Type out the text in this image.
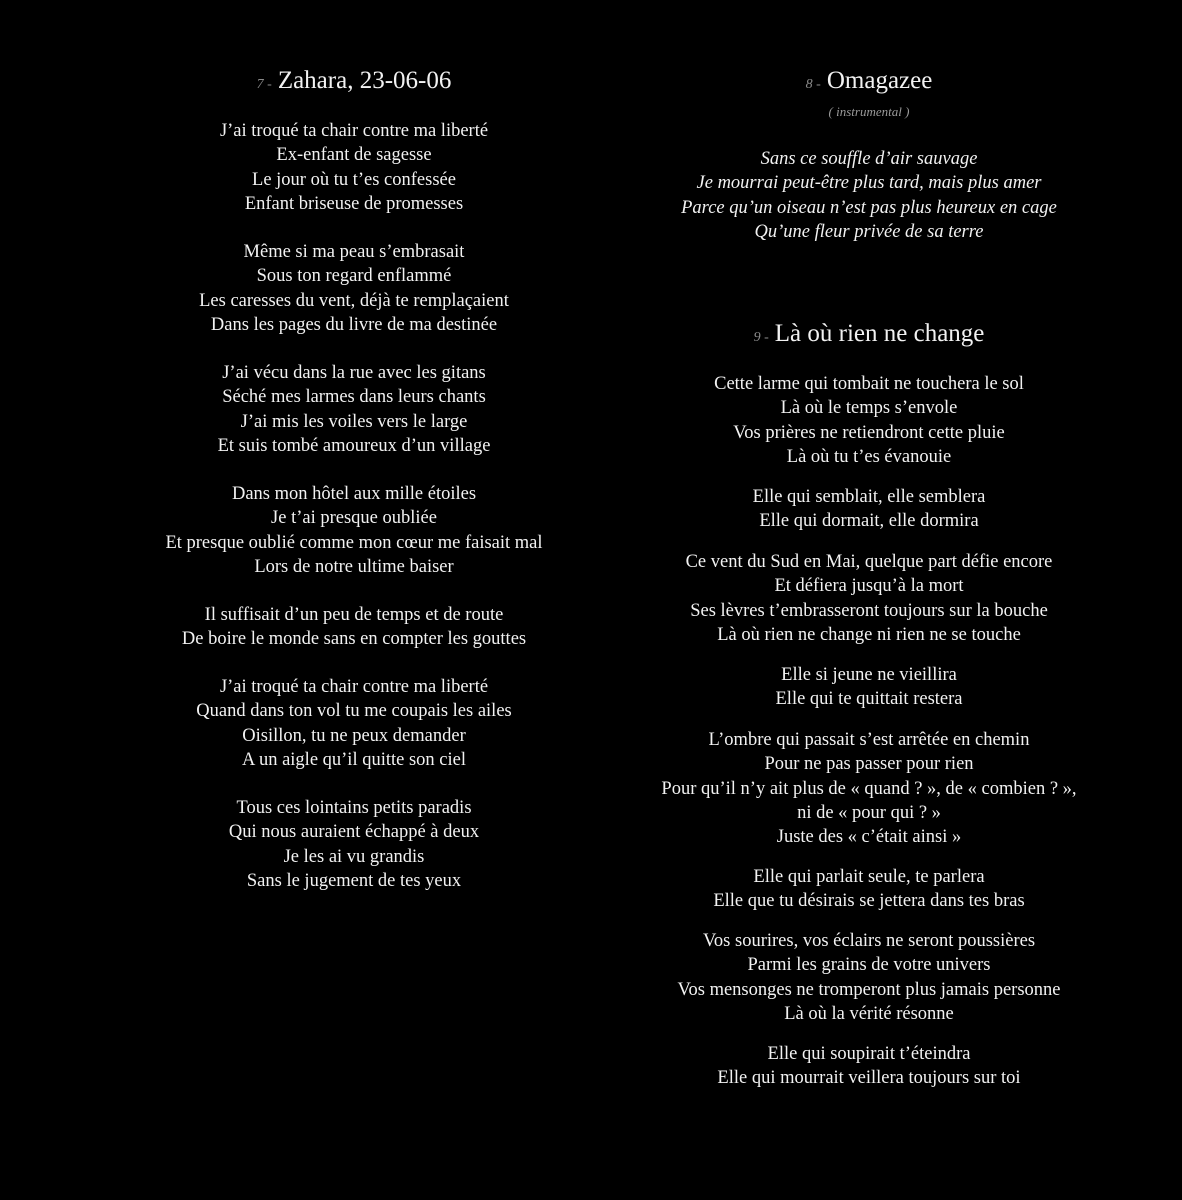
7 - Zahara, 23-06-06
J’ai troqué ta chair contre ma liberté
Ex-enfant de sagesse
Le jour où tu t’es confessée
Enfant briseuse de promesses
Même si ma peau s’embrasait
Sous ton regard enflammé
Les caresses du vent, déjà te remplaçaient
Dans les pages du livre de ma destinée
J’ai vécu dans la rue avec les gitans
Séché mes larmes dans leurs chants
J’ai mis les voiles vers le large
Et suis tombé amoureux d’un village
Dans mon hôtel aux mille étoiles
Je t’ai presque oubliée
Et presque oublié comme mon cœur me faisait mal
Lors de notre ultime baiser
Il suffisait d’un peu de temps et de route
De boire le monde sans en compter les gouttes
J’ai troqué ta chair contre ma liberté
Quand dans ton vol tu me coupais les ailes
Oisillon, tu ne peux demander
A un aigle qu’il quitte son ciel
Tous ces lointains petits paradis
Qui nous auraient échappé à deux
Je les ai vu grandis
Sans le jugement de tes yeux
8 - Omagazee
( instrumental )
Sans ce souffle d’air sauvage
Je mourrai peut-être plus tard, mais plus amer
Parce qu’un oiseau n’est pas plus heureux en cage
Qu’une fleur privée de sa terre
9 - Là où rien ne change
Cette larme qui tombait ne touchera le sol
Là où le temps s’envole
Vos prières ne retiendront cette pluie
Là où tu t’es évanouie
Elle qui semblait, elle semblera
Elle qui dormait, elle dormira
Ce vent du Sud en Mai, quelque part défie encore
Et défiera jusqu’à la mort
Ses lèvres t’embrasseront toujours sur la bouche
Là où rien ne change ni rien ne se touche
Elle si jeune ne vieillira
Elle qui te quittait restera
L’ombre qui passait s’est arrêtée en chemin
Pour ne pas passer pour rien
Pour qu’il n’y ait plus de « quand ? », de « combien ? »,
ni de « pour qui ? »
Juste des « c’était ainsi »
Elle qui parlait seule, te parlera
Elle que tu désirais se jettera dans tes bras
Vos sourires, vos éclairs ne seront poussières
Parmi les grains de votre univers
Vos mensonges ne tromperont plus jamais personne
Là où la vérité résonne
Elle qui soupirait t’éteindra
Elle qui mourrait veillera toujours sur toi
